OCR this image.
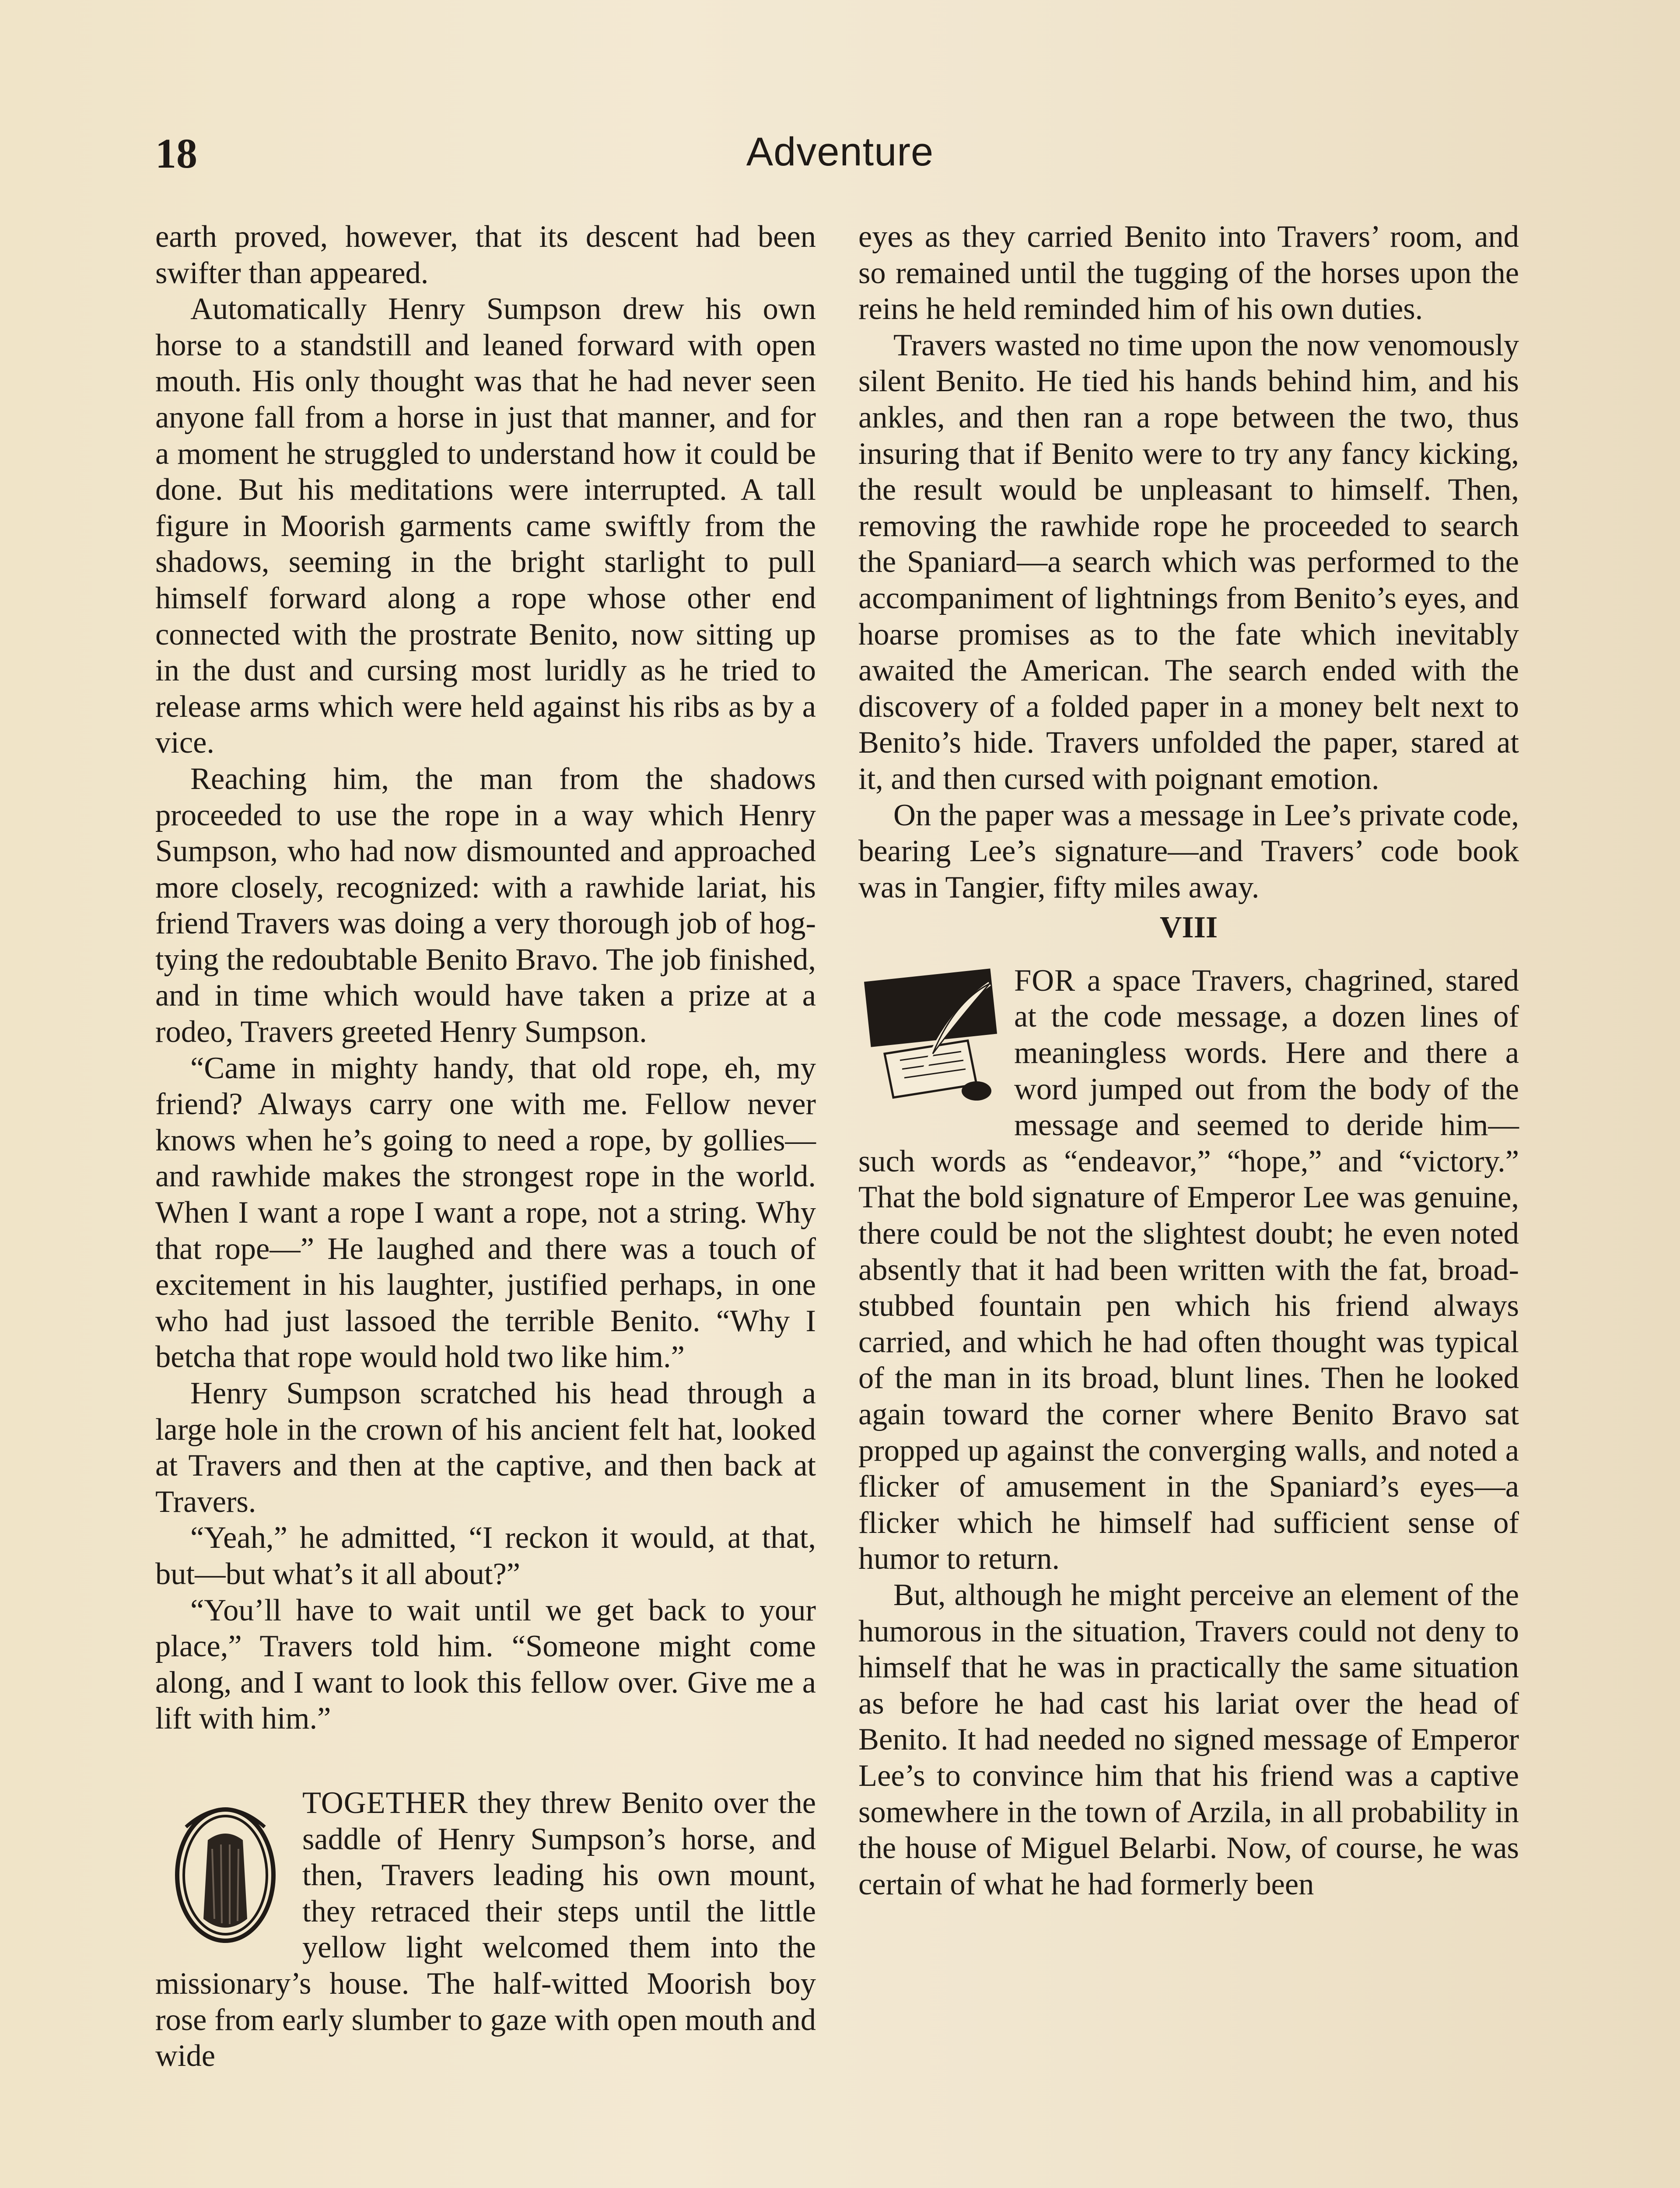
18	Adventure

earth proved, however, that its descent had been swifter than appeared.

Automatically Henry Sumpson drew his own horse to a standstill and leaned forward with open mouth. His only thought was that he had never seen anyone fall from a horse in just that manner, and for a moment he struggled to understand how it could be done. But his meditations were interrupted. A tall figure in Moorish garments came swiftly from the shadows, seeming in the bright starlight to pull himself forward along a rope whose other end connected with the prostrate Benito, now sitting up in the dust and cursing most luridly as he tried to release arms which were held against his ribs as by a vice.

Reaching him, the man from the shadows proceeded to use the rope in a way which Henry Sumpson, who had now dismounted and approached more closely, recognized: with a rawhide lariat, his friend Travers was doing a very thorough job of hog-tying the redoubtable Benito Bravo. The job finished, and in time which would have taken a prize at a rodeo, Travers greeted Henry Sumpson.

“Came in mighty handy, that old rope, eh, my friend? Always carry one with me. Fellow never knows when he’s going to need a rope, by gollies—and rawhide makes the strongest rope in the world. When I want a rope I want a rope, not a string. Why that rope—” He laughed and there was a touch of excitement in his laughter, justified perhaps, in one who had just lassoed the terrible Benito. “Why I betcha that rope would hold two like him.”

Henry Sumpson scratched his head through a large hole in the crown of his ancient felt hat, looked at Travers and then at the captive, and then back at Travers.

“Yeah,” he admitted, “I reckon it would, at that, but—but what’s it all about?”

“You’ll have to wait until we get back to your place,” Travers told him. “Someone might come along, and I want to look this fellow over. Give me a lift with him.”

TOGETHER they threw Benito over the saddle of Henry Sumpson’s horse, and then, Travers leading his own mount, they retraced their steps until the little yellow light welcomed them into the missionary’s house. The half-witted Moorish boy rose from early slumber to gaze with open mouth and wide

eyes as they carried Benito into Travers’ room, and so remained until the tugging of the horses upon the reins he held reminded him of his own duties.

Travers wasted no time upon the now venomously silent Benito. He tied his hands behind him, and his ankles, and then ran a rope between the two, thus insuring that if Benito were to try any fancy kicking, the result would be unpleasant to himself. Then, removing the rawhide rope he proceeded to search the Spaniard—a search which was performed to the accompaniment of lightnings from Benito’s eyes, and hoarse promises as to the fate which inevitably awaited the American. The search ended with the discovery of a folded paper in a money belt next to Benito’s hide. Travers unfolded the paper, stared at it, and then cursed with poignant emotion.

On the paper was a message in Lee’s private code, bearing Lee’s signature—and Travers’ code book was in Tangier, fifty miles away.

VIII

FOR a space Travers, chagrined, stared at the code message, a dozen lines of meaningless words. Here and there a word jumped out from the body of the message and seemed to deride him—such words as “endeavor,” “hope,” and “victory.” That the bold signature of Emperor Lee was genuine, there could be not the slightest doubt; he even noted absently that it had been written with the fat, broad-stubbed fountain pen which his friend always carried, and which he had often thought was typical of the man in its broad, blunt lines. Then he looked again toward the corner where Benito Bravo sat propped up against the converging walls, and noted a flicker of amusement in the Spaniard’s eyes—a flicker which he himself had sufficient sense of humor to return.

But, although he might perceive an element of the humorous in the situation, Travers could not deny to himself that he was in practically the same situation as before he had cast his lariat over the head of Benito. It had needed no signed message of Emperor Lee’s to convince him that his friend was a captive somewhere in the town of Arzila, in all probability in the house of Miguel Belarbi. Now, of course, he was certain of what he had formerly been
